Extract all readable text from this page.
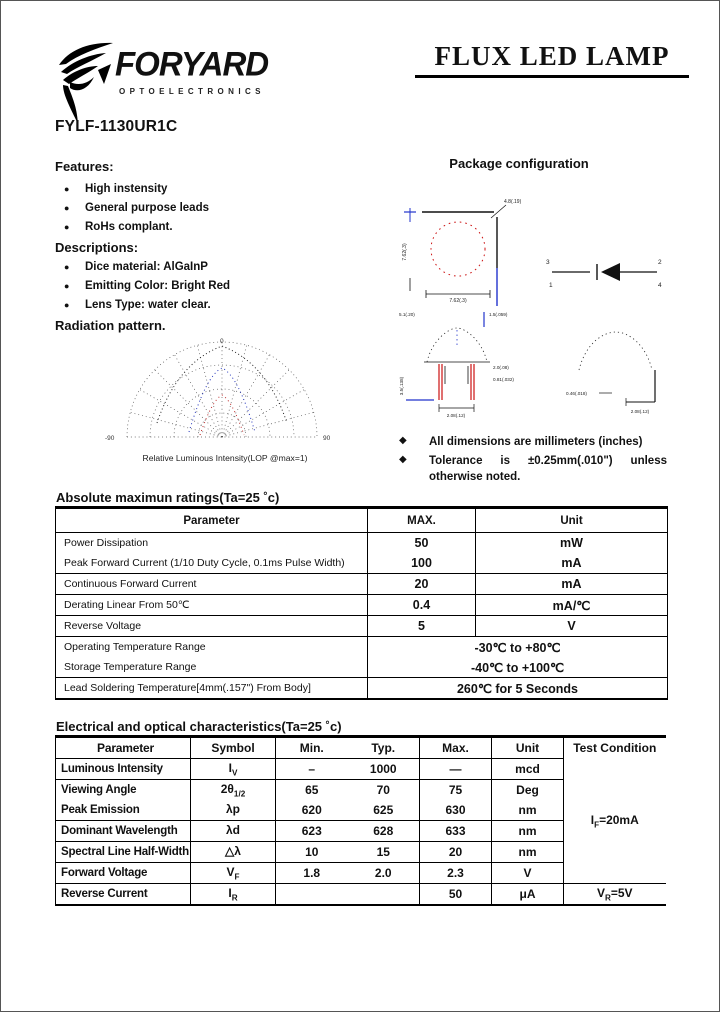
FORYARD
OPTOELECTRONICS
FLUX LED LAMP
FYLF-1130UR1C
Features:
●	High instensity
●	General purpose leads
●	RoHs complant.
Descriptions:
●	Dice material: AlGaInP
●	Emitting Color: Bright Red
●	Lens Type: water clear.
Radiation pattern.
-90	90
0
Relative Luminous Intensity(LOP @max=1)
Package configuration
7.62(.3)
7.62(.3)
4.8(.19)
3
1
2
4
5.1(.20)	1.5(.059)
3.5(.138)
2.0(.08)
0.81(.032)
2.08(.12)
0.46(.018)
2.08(.12)
◆	All dimensions are millimeters (inches)
◆	Tolerance is ±0.25mm(.010") unless otherwise noted.
Absolute maximun ratings(Ta=25 ˚c)
Parameter	MAX.	Unit
Power Dissipation	50	mW
Peak Forward Current (1/10 Duty Cycle, 0.1ms Pulse Width)	100	mA
Continuous Forward Current	20	mA
Derating Linear From 50℃	0.4	mA/℃
Reverse Voltage	5	V
Operating Temperature Range	-30℃ to +80℃	
Storage Temperature Range	-40℃ to +100℃	
Lead Soldering Temperature[4mm(.157") From Body]	260℃ for 5 Seconds	
Electrical and optical characteristics(Ta=25 ˚c)
Parameter	Symbol	Min.	Typ.	Max.	Unit	Test Condition
Luminous Intensity	$I_V$	–	1000	—	mcd	$I_F=20mA$
Viewing Angle	$2\theta_{1/2}$	65	70	75	Deg	
Peak Emission	λp	620	625	630	nm	
Dominant Wavelength	λd	623	628	633	nm	
Spectral Line Half-Width	△λ	10	15	20	nm	
Forward Voltage	$V_F$	1.8	2.0	2.3	V	
Reverse Current	$I_R$			50	μA	$V_R=5V$
